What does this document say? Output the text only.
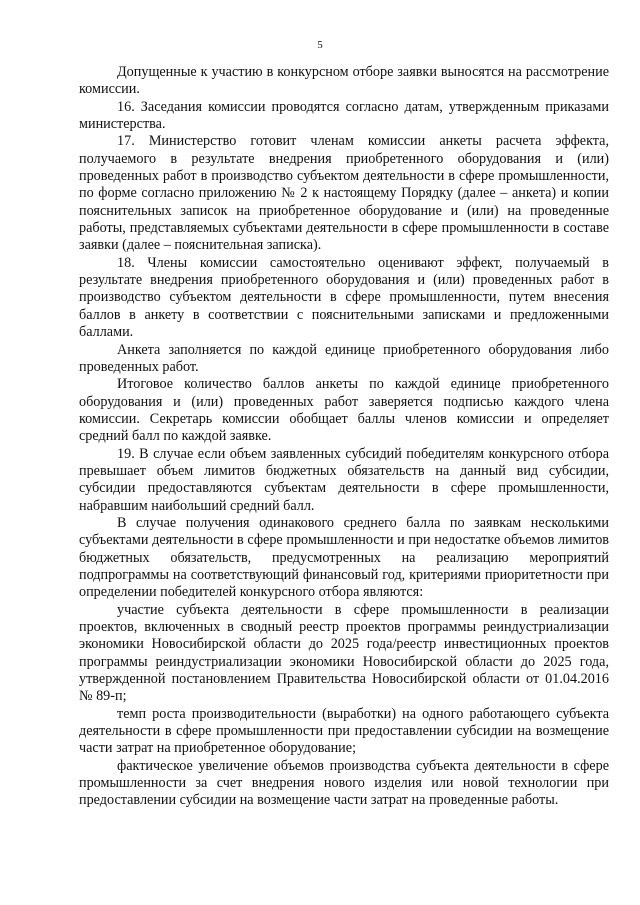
5

Допущенные к участию в конкурсном отборе заявки выносятся на рассмотрение комиссии.

16. Заседания комиссии проводятся согласно датам, утвержденным приказами министерства.

17. Министерство готовит членам комиссии анкеты расчета эффекта, получаемого в результате внедрения приобретенного оборудования и (или) проведенных работ в производство субъектом деятельности в сфере промышленности, по форме согласно приложению № 2 к настоящему Порядку (далее – анкета) и копии пояснительных записок на приобретенное оборудование и (или) на проведенные работы, представляемых субъектами деятельности в сфере промышленности в составе заявки (далее – пояснительная записка).

18. Члены комиссии самостоятельно оценивают эффект, получаемый в результате внедрения приобретенного оборудования и (или) проведенных работ в производство субъектом деятельности в сфере промышленности, путем внесения баллов в анкету в соответствии с пояснительными записками и предложенными баллами.

Анкета заполняется по каждой единице приобретенного оборудования либо проведенных работ.

Итоговое количество баллов анкеты по каждой единице приобретенного оборудования и (или) проведенных работ заверяется подписью каждого члена комиссии. Секретарь комиссии обобщает баллы членов комиссии и определяет средний балл по каждой заявке.

19. В случае если объем заявленных субсидий победителям конкурсного отбора превышает объем лимитов бюджетных обязательств на данный вид субсидии, субсидии предоставляются субъектам деятельности в сфере промышленности, набравшим наибольший средний балл.

В случае получения одинакового среднего балла по заявкам несколькими субъектами деятельности в сфере промышленности и при недостатке объемов лимитов бюджетных обязательств, предусмотренных на реализацию мероприятий подпрограммы на соответствующий финансовый год, критериями приоритетности при определении победителей конкурсного отбора являются:

участие субъекта деятельности в сфере промышленности в реализации проектов, включенных в сводный реестр проектов программы реиндустриализации экономики Новосибирской области до 2025 года/реестр инвестиционных проектов программы реиндустриализации экономики Новосибирской области до 2025 года, утвержденной постановлением Правительства Новосибирской области от 01.04.2016 № 89-п;

темп роста производительности (выработки) на одного работающего субъекта деятельности в сфере промышленности при предоставлении субсидии на возмещение части затрат на приобретенное оборудование;

фактическое увеличение объемов производства субъекта деятельности в сфере промышленности за счет внедрения нового изделия или новой технологии при предоставлении субсидии на возмещение части затрат на проведенные работы.
